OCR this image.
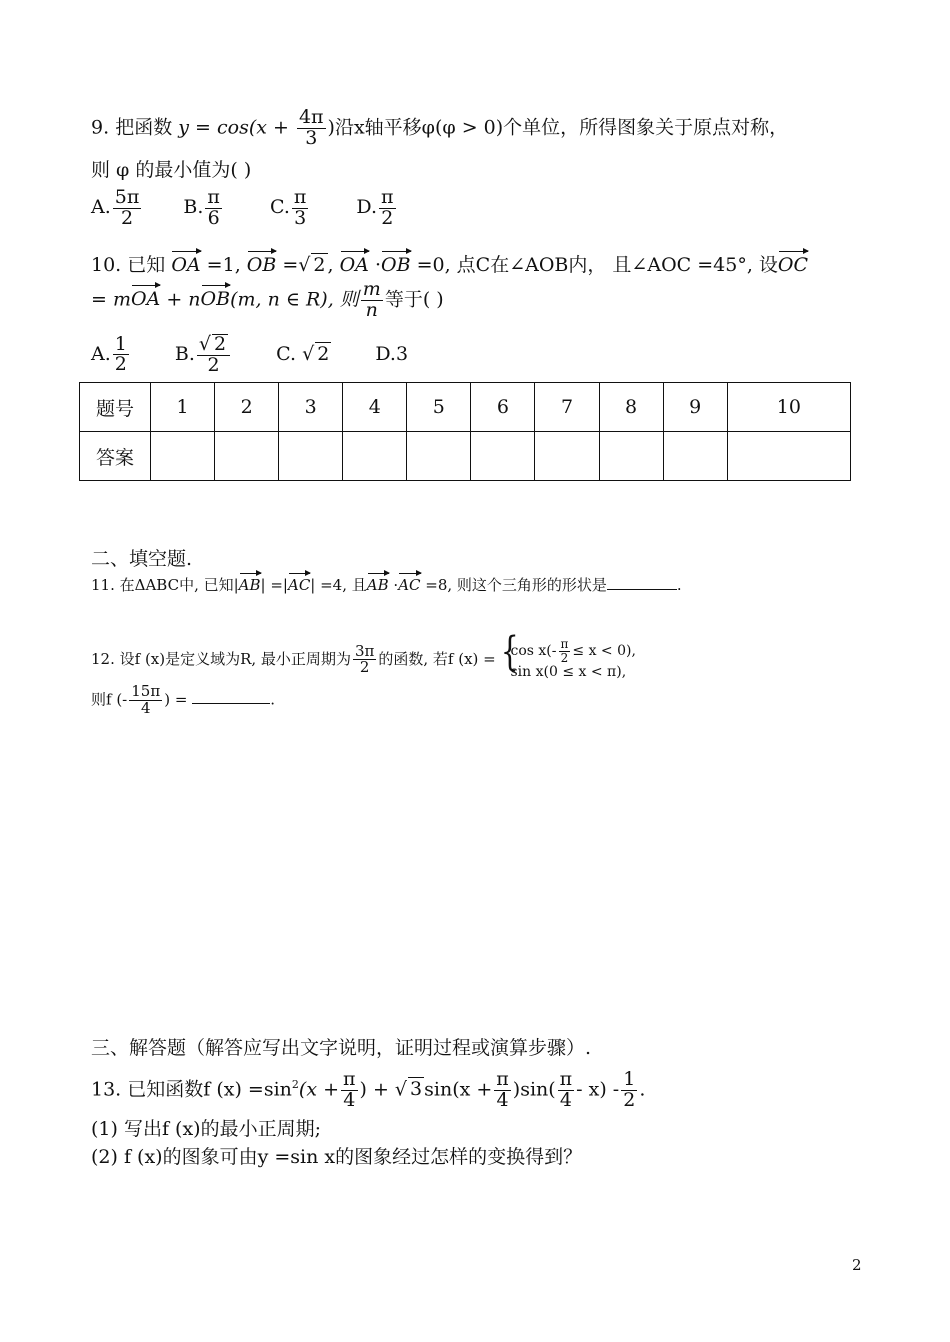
9. 把函数 $y = \cos(x + \frac{4\pi}{3}$ )沿x轴平移φ(φ > 0)个单位，所得图象关于原点对称，
则 φ 的最小值为( )
A. $\frac{5\pi}{2} B$. $\frac{\pi}{6}$	C. $\frac{\pi}{3}$	D. $\frac{\pi}{2}$
10. 已知 OA =1, OB =√ 2 , OA ·OB =0, 点C在∠AOB内， 且∠AOC =45°, 设OC
= mOA + nOB(m, n ∈ R), 则 $\frac{m}{n}$ 等于( )
A. $\frac{1}{2} B$. $\frac{√ 2}{2} C$. √ 2 D.3
题号	1	2	3	4	5	6	7	8	9	10
答案										
二、填空题.
11. 在ΔABC中, 已知|AB| =|AC| =4, 且AB ·AC =8, 则这个三角形的形状是	.
12. 设f (x)是定义域为R, 最小正周期为 $\frac{3\pi}{2}$ 的函数, 若f (x) = { $\cos x(- \frac{\pi}{2} \le x < 0)$,
sin x(0 ≤ x < π),
则f (- $\frac{15\pi}{4}$ ) =	.
三、解答题（解答应写出文字说明，证明过程或演算步骤）.
13. 已知函数f $(x) =\sin^2(x + \frac{\pi}{4}$ ) + √ 3 $\sin(x + \frac{\pi}{4} )\sin( \frac{\pi}{4} - x) - \frac{1}{2}$ .
(1) 写出f (x)的最小正周期;
(2) f (x)的图象可由y =sin x的图象经过怎样的变换得到？
2
